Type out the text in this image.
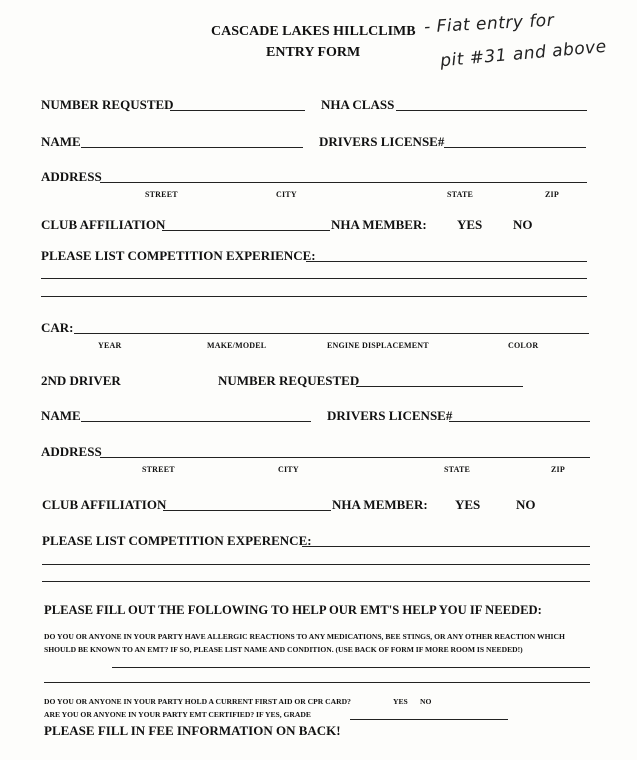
CASCADE LAKES HILLCLIMB
ENTRY FORM
- Fiat entry for
pit #31 and above
NUMBER REQUSTED	NHA CLASS
NAME	DRIVERS LICENSE#
ADDRESS
STREET	CITY	STATE	ZIP
CLUB AFFILIATION	NHA MEMBER: YES NO
PLEASE LIST COMPETITION EXPERIENCE:
CAR:
YEAR	MAKE/MODEL	ENGINE DISPLACEMENT	COLOR
2ND DRIVER	NUMBER REQUESTED
NAME	DRIVERS LICENSE#
ADDRESS
STREET	CITY	STATE	ZIP
CLUB AFFILIATION	NHA MEMBER: YES	NO
PLEASE LIST COMPETITION EXPERENCE:
PLEASE FILL OUT THE FOLLOWING TO HELP OUR EMT'S HELP YOU IF NEEDED:
DO YOU OR ANYONE IN YOUR PARTY HAVE ALLERGIC REACTIONS TO ANY MEDICATIONS, BEE STINGS, OR ANY OTHER REACTION WHICH SHOULD BE KNOWN TO AN EMT? IF SO, PLEASE LIST NAME AND CONDITION. (USE BACK OF FORM IF MORE ROOM IS NEEDED!)
DO YOU OR ANYONE IN YOUR PARTY HOLD A CURRENT FIRST AID OR CPR CARD?	YES NO
ARE YOU OR ANYONE IN YOUR PARTY EMT CERTIFIED? IF YES, GRADE
PLEASE FILL IN FEE INFORMATION ON BACK!
